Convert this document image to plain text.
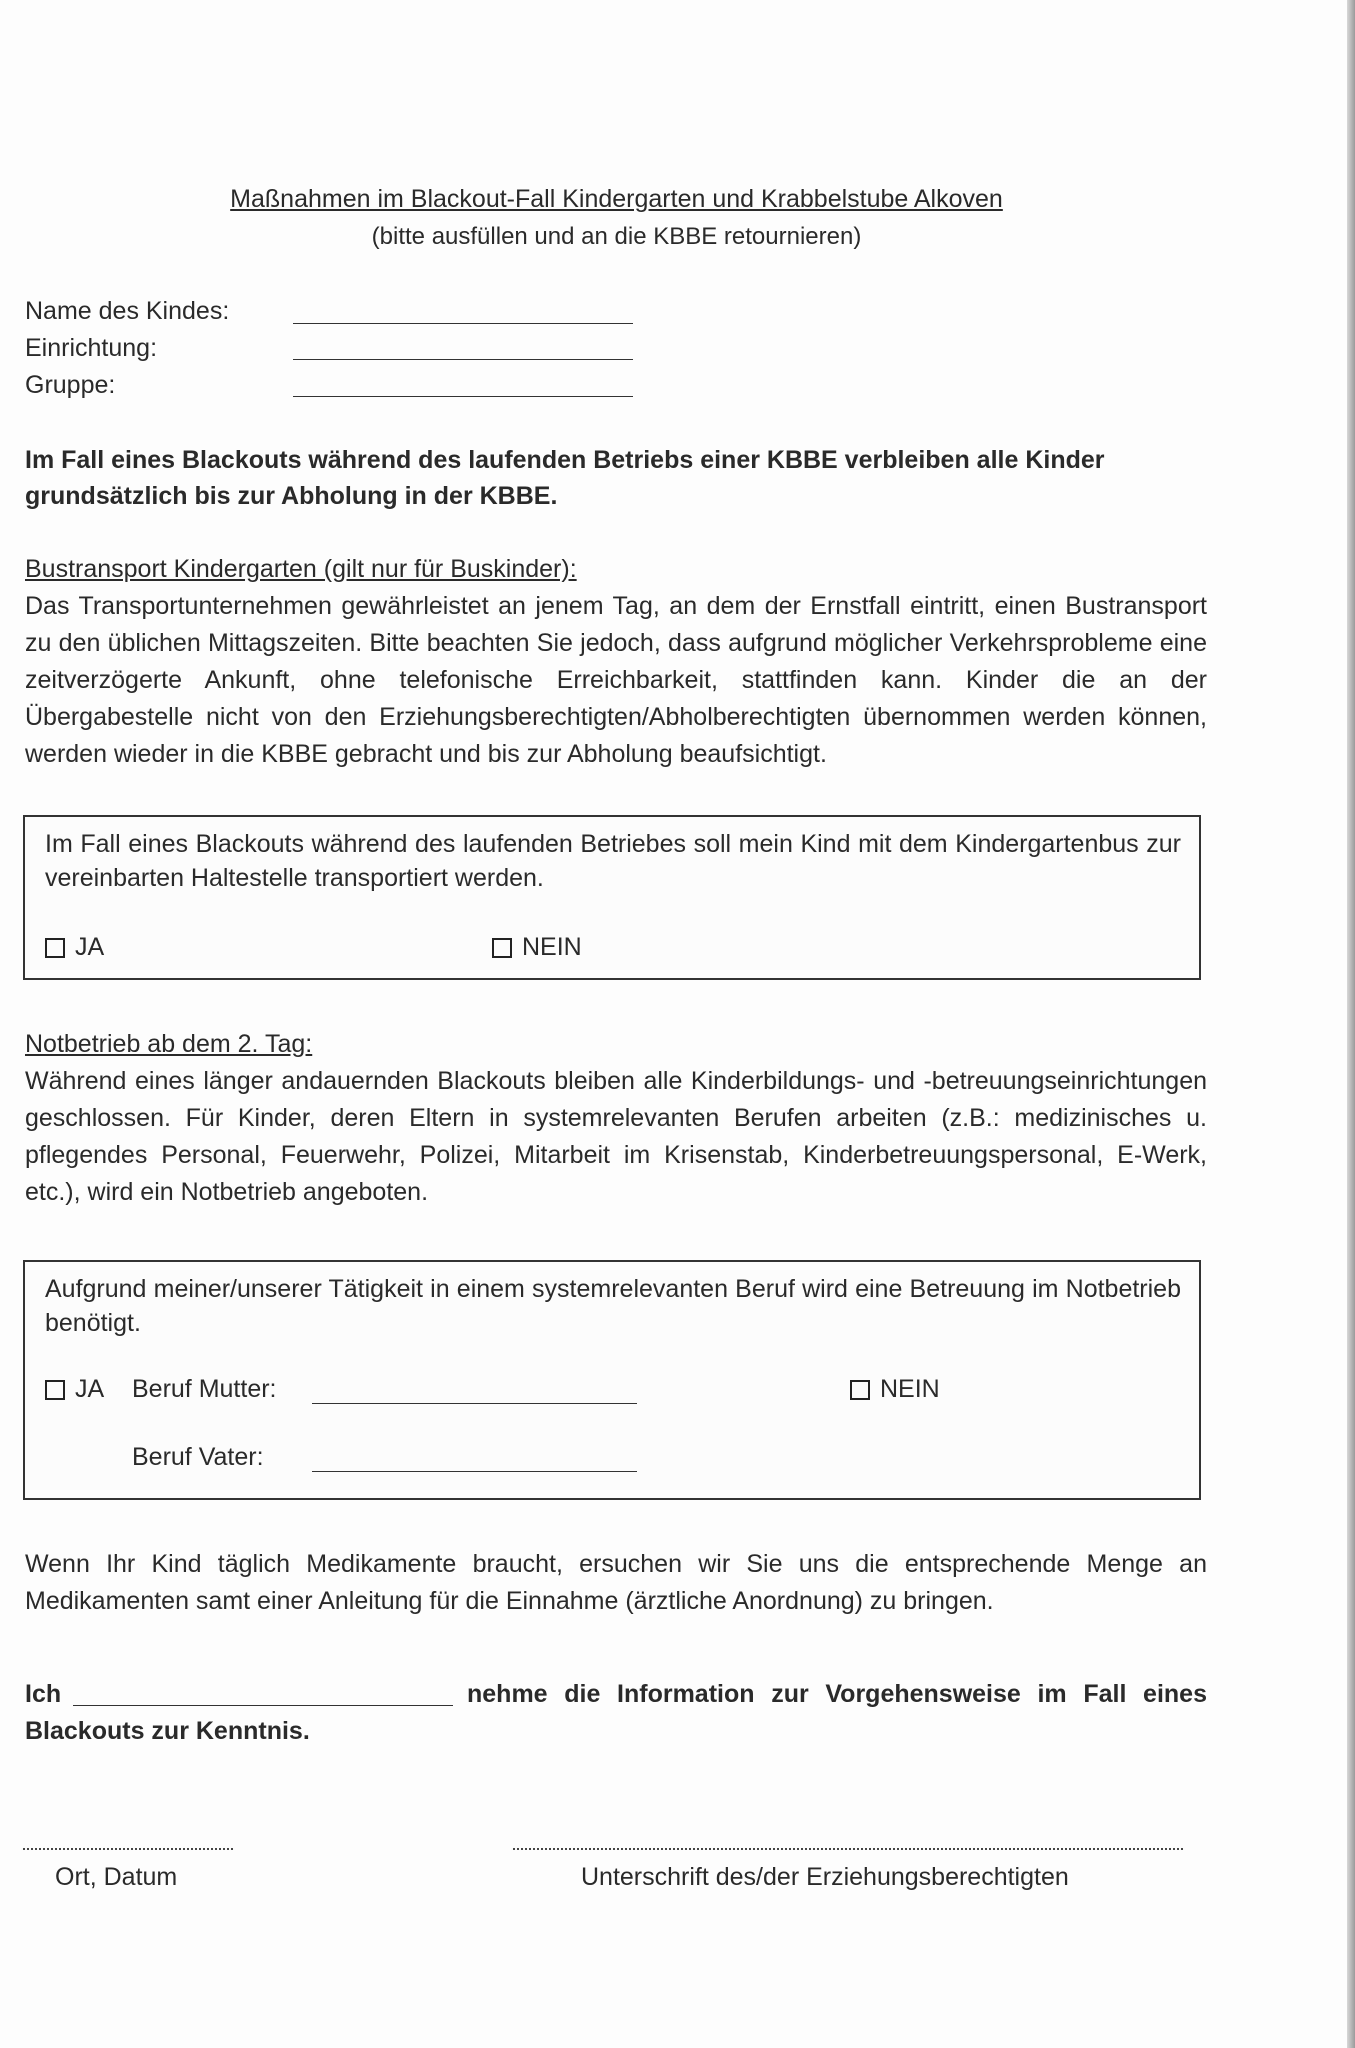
Maßnahmen im Blackout-Fall Kindergarten und Krabbelstube Alkoven
(bitte ausfüllen und an die KBBE retournieren)
Name des Kindes:
Einrichtung:
Gruppe:

Im Fall eines Blackouts während des laufenden Betriebs einer KBBE verbleiben alle Kinder grundsätzlich bis zur Abholung in der KBBE.

Bustransport Kindergarten (gilt nur für Buskinder):

Das Transportunternehmen gewährleistet an jenem Tag, an dem der Ernstfall eintritt, einen Bustransport zu den üblichen Mittagszeiten. Bitte beachten Sie jedoch, dass aufgrund möglicher Verkehrsprobleme eine zeitverzögerte Ankunft, ohne telefonische Erreichbarkeit, stattfinden kann. Kinder die an der Übergabestelle nicht von den Erziehungsberechtigten/Abholberechtigten übernommen werden können, werden wieder in die KBBE gebracht und bis zur Abholung beaufsichtigt.

Im Fall eines Blackouts während des laufenden Betriebes soll mein Kind mit dem Kindergartenbus zur vereinbarten Haltestelle transportiert werden.

JA	NEIN
Notbetrieb ab dem 2. Tag:

Während eines länger andauernden Blackouts bleiben alle Kinderbildungs- und -betreuungseinrichtungen geschlossen. Für Kinder, deren Eltern in systemrelevanten Berufen arbeiten (z.B.: medizinisches u. pflegendes Personal, Feuerwehr, Polizei, Mitarbeit im Krisenstab, Kinderbetreuungspersonal, E-Werk, etc.), wird ein Notbetrieb angeboten.

Aufgrund meiner/unserer Tätigkeit in einem systemrelevanten Beruf wird eine Betreuung im Notbetrieb benötigt.

JA Beruf Mutter:
Beruf Vater:
NEIN

Wenn Ihr Kind täglich Medikamente braucht, ersuchen wir Sie uns die entsprechende Menge an Medikamenten samt einer Anleitung für die Einnahme (ärztliche Anordnung) zu bringen.

Ich	nehme die Information zur Vorgehensweise im Fall eines
Blackouts zur Kenntnis.
Ort, Datum	Unterschrift des/der Erziehungsberechtigten
